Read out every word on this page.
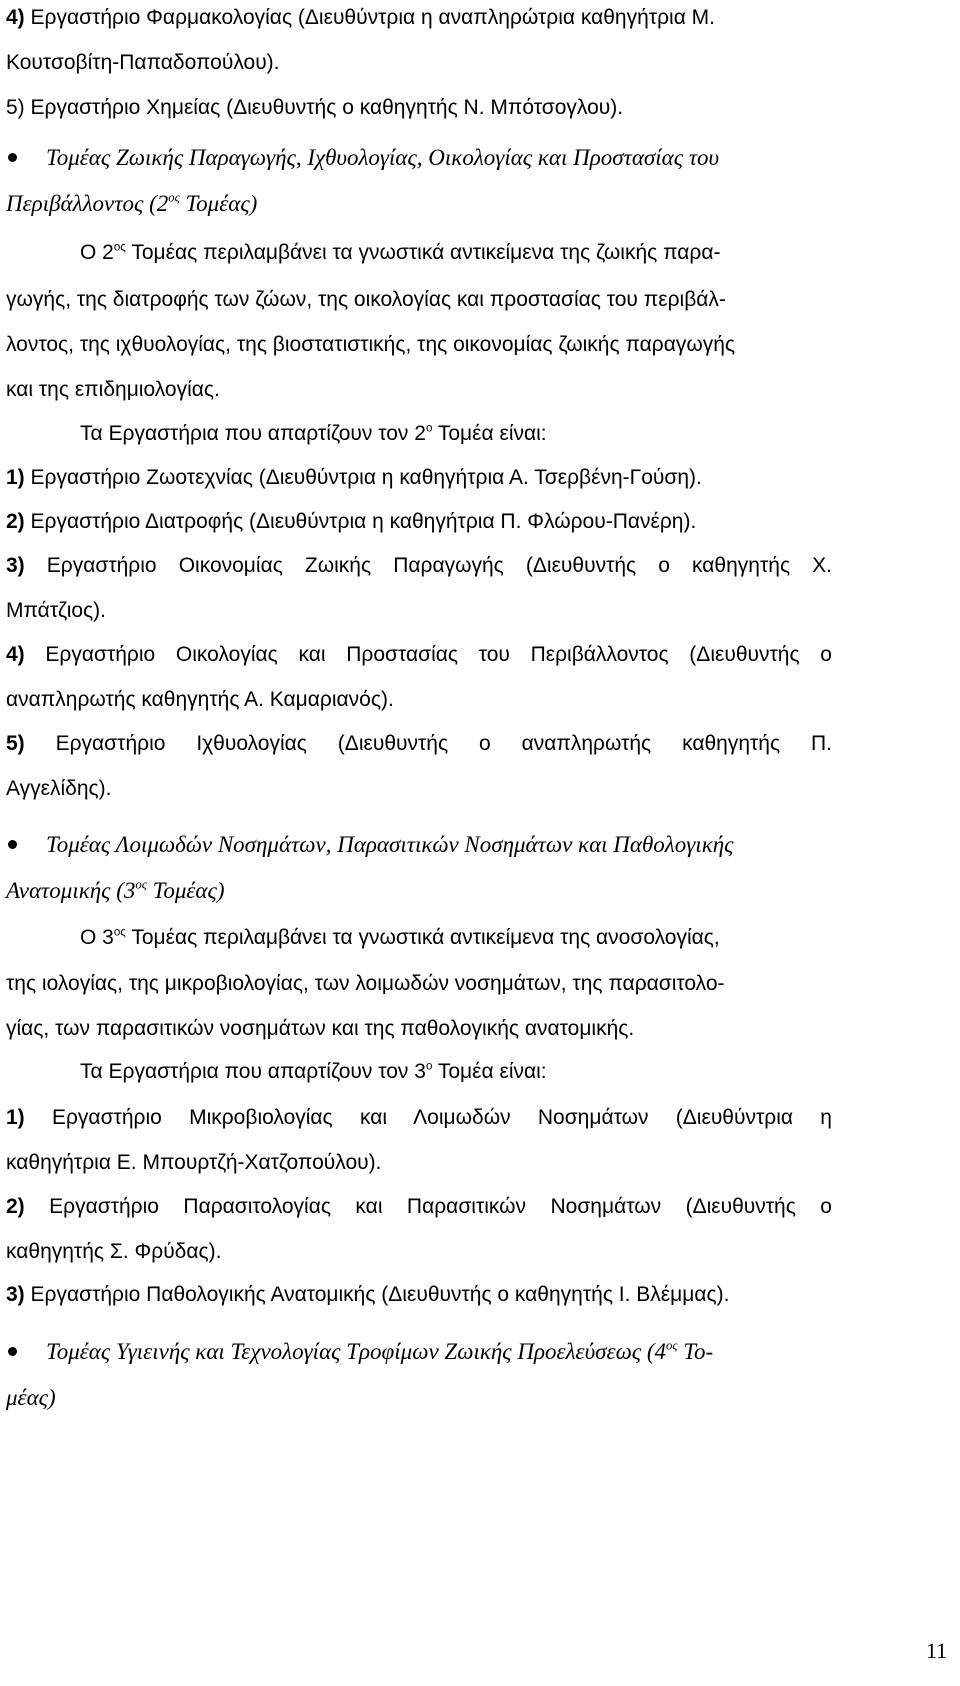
4) Εργαστήριο Φαρμακολογίας (Διευθύντρια η αναπληρώτρια καθηγήτρια Μ.
Κουτσοβίτη-Παπαδοπούλου).
5) Εργαστήριο Χημείας (Διευθυντής ο καθηγητής Ν. Μπότσογλου).
Τομέας Ζωικής Παραγωγής, Ιχθυολογίας, Οικολογίας και Προστασίας του
Περιβάλλοντος ($2^{o\varsigma}$ Τομέας)
Ο $2^{o\varsigma}$ Τομέας περιλαμβάνει τα γνωστικά αντικείμενα της ζωικής παρα-
γωγής, της διατροφής των ζώων, της οικολογίας και προστασίας του περιβάλ-
λοντος, της ιχθυολογίας, της βιοστατιστικής, της οικονομίας ζωικής παραγωγής
και της επιδημιολογίας.
Τα Εργαστήρια που απαρτίζουν τον $2^o$ Τομέα είναι:
1) Εργαστήριο Ζωοτεχνίας (Διευθύντρια η καθηγήτρια Α. Τσερβένη-Γούση).
2) Εργαστήριο Διατροφής (Διευθύντρια η καθηγήτρια Π. Φλώρου-Πανέρη).
3) Εργαστήριο Οικονομίας Ζωικής Παραγωγής (Διευθυντής ο καθηγητής Χ.
Μπάτζιος).
4) Εργαστήριο Οικολογίας και Προστασίας του Περιβάλλοντος (Διευθυντής ο
αναπληρωτής καθηγητής Α. Καμαριανός).
5) Εργαστήριο Ιχθυολογίας (Διευθυντής ο αναπληρωτής καθηγητής Π.
Αγγελίδης).
Τομέας Λοιμωδών Νοσημάτων, Παρασιτικών Νοσημάτων και Παθολογικής
Ανατομικής ($3^{o\varsigma}$ Τομέας)
Ο $3^{o\varsigma}$ Τομέας περιλαμβάνει τα γνωστικά αντικείμενα της ανοσολογίας,
της ιολογίας, της μικροβιολογίας, των λοιμωδών νοσημάτων, της παρασιτολο-
γίας, των παρασιτικών νοσημάτων και της παθολογικής ανατομικής.
Τα Εργαστήρια που απαρτίζουν τον $3^o$ Τομέα είναι:
1) Εργαστήριο Μικροβιολογίας και Λοιμωδών Νοσημάτων (Διευθύντρια η
καθηγήτρια Ε. Μπουρτζή-Χατζοπούλου).
2) Εργαστήριο Παρασιτολογίας και Παρασιτικών Νοσημάτων (Διευθυντής ο
καθηγητής Σ. Φρύδας).
3) Εργαστήριο Παθολογικής Ανατομικής (Διευθυντής ο καθηγητής Ι. Βλέμμας).
Τομέας Υγιεινής και Τεχνολογίας Τροφίμων Ζωικής Προελεύσεως ($4^{o\varsigma}$ Το-
μέας)
11
